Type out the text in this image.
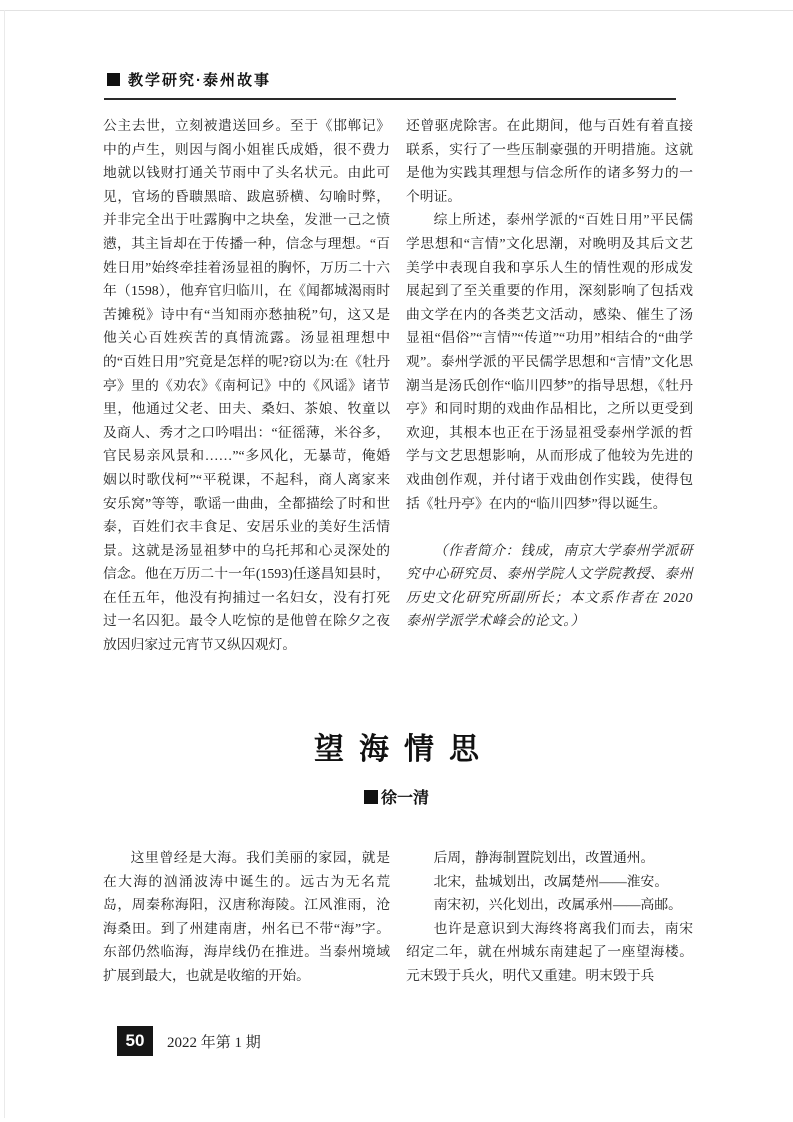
教学研究·泰州故事

公主去世，立刻被遣送回乡。至于《邯郸记》中的卢生，则因与阁小姐崔氏成婚，很不费力地就以钱财打通关节雨中了头名状元。由此可见，官场的昏聩黑暗、跋扈骄横、勾喻时弊，并非完全出于吐露胸中之块垒，发泄一己之愤懑，其主旨却在于传播一种，信念与理想。“百姓日用”始终牵挂着汤显祖的胸怀，万历二十六年（1598），他弃官归临川，在《闻都城渴雨时苦摊税》诗中有“当知雨亦愁抽税”句，这又是他关心百姓疾苦的真情流露。汤显祖理想中的“百姓日用”究竟是怎样的呢?窃以为:在《牡丹亭》里的《劝农》《南柯记》中的《风谣》诸节里，他通过父老、田夫、桑妇、茶娘、牧童以及商人、秀才之口吟唱出：“征徭薄，米谷多，官民易亲风景和……”“多风化，无暴苛，俺婚姻以时歌伐柯”“平税课，不起科，商人离家来安乐窝”等等，歌谣一曲曲，全都描绘了时和世泰，百姓们衣丰食足、安居乐业的美好生活情景。这就是汤显祖梦中的乌托邦和心灵深处的信念。他在万历二十一年(1593)任遂昌知县时，在任五年，他没有拘捕过一名妇女，没有打死过一名囚犯。最令人吃惊的是他曾在除夕之夜放因归家过元宵节又纵囚观灯。

还曾驱虎除害。在此期间，他与百姓有着直接联系，实行了一些压制豪强的开明措施。这就是他为实践其理想与信念所作的诸多努力的一个明证。

综上所述，泰州学派的“百姓日用”平民儒学思想和“言情”文化思潮，对晚明及其后文艺美学中表现自我和享乐人生的情性观的形成发展起到了至关重要的作用，深刻影响了包括戏曲文学在内的各类艺文活动，感染、催生了汤显祖“倡俗”“言情”“传道”“功用”相结合的“曲学观”。泰州学派的平民儒学思想和“言情”文化思潮当是汤氏创作“临川四梦”的指导思想，《牡丹亭》和同时期的戏曲作品相比，之所以更受到欢迎，其根本也正在于汤显祖受泰州学派的哲学与文艺思想影响，从而形成了他较为先进的戏曲创作观，并付诸于戏曲创作实践，使得包括《牡丹亭》在内的“临川四梦”得以诞生。

（作者简介：钱成，南京大学泰州学派研究中心研究员、泰州学院人文学院教授、泰州历史文化研究所副所长；本文系作者在 2020 泰州学派学术峰会的论文。）

望海情思
徐一清

这里曾经是大海。我们美丽的家园，就是在大海的汹涌波涛中诞生的。远古为无名荒岛，周秦称海阳，汉唐称海陵。江风淮雨，沧海桑田。到了州建南唐，州名已不带“海”字。东部仍然临海，海岸线仍在推进。当泰州境域扩展到最大，也就是收缩的开始。

后周，静海制置院划出，改置通州。

北宋，盐城划出，改属楚州——淮安。

南宋初，兴化划出，改属承州——高邮。

也许是意识到大海终将离我们而去，南宋绍定二年，就在州城东南建起了一座望海楼。元末毁于兵火，明代又重建。明末毁于兵

50	2022 年第 1 期
